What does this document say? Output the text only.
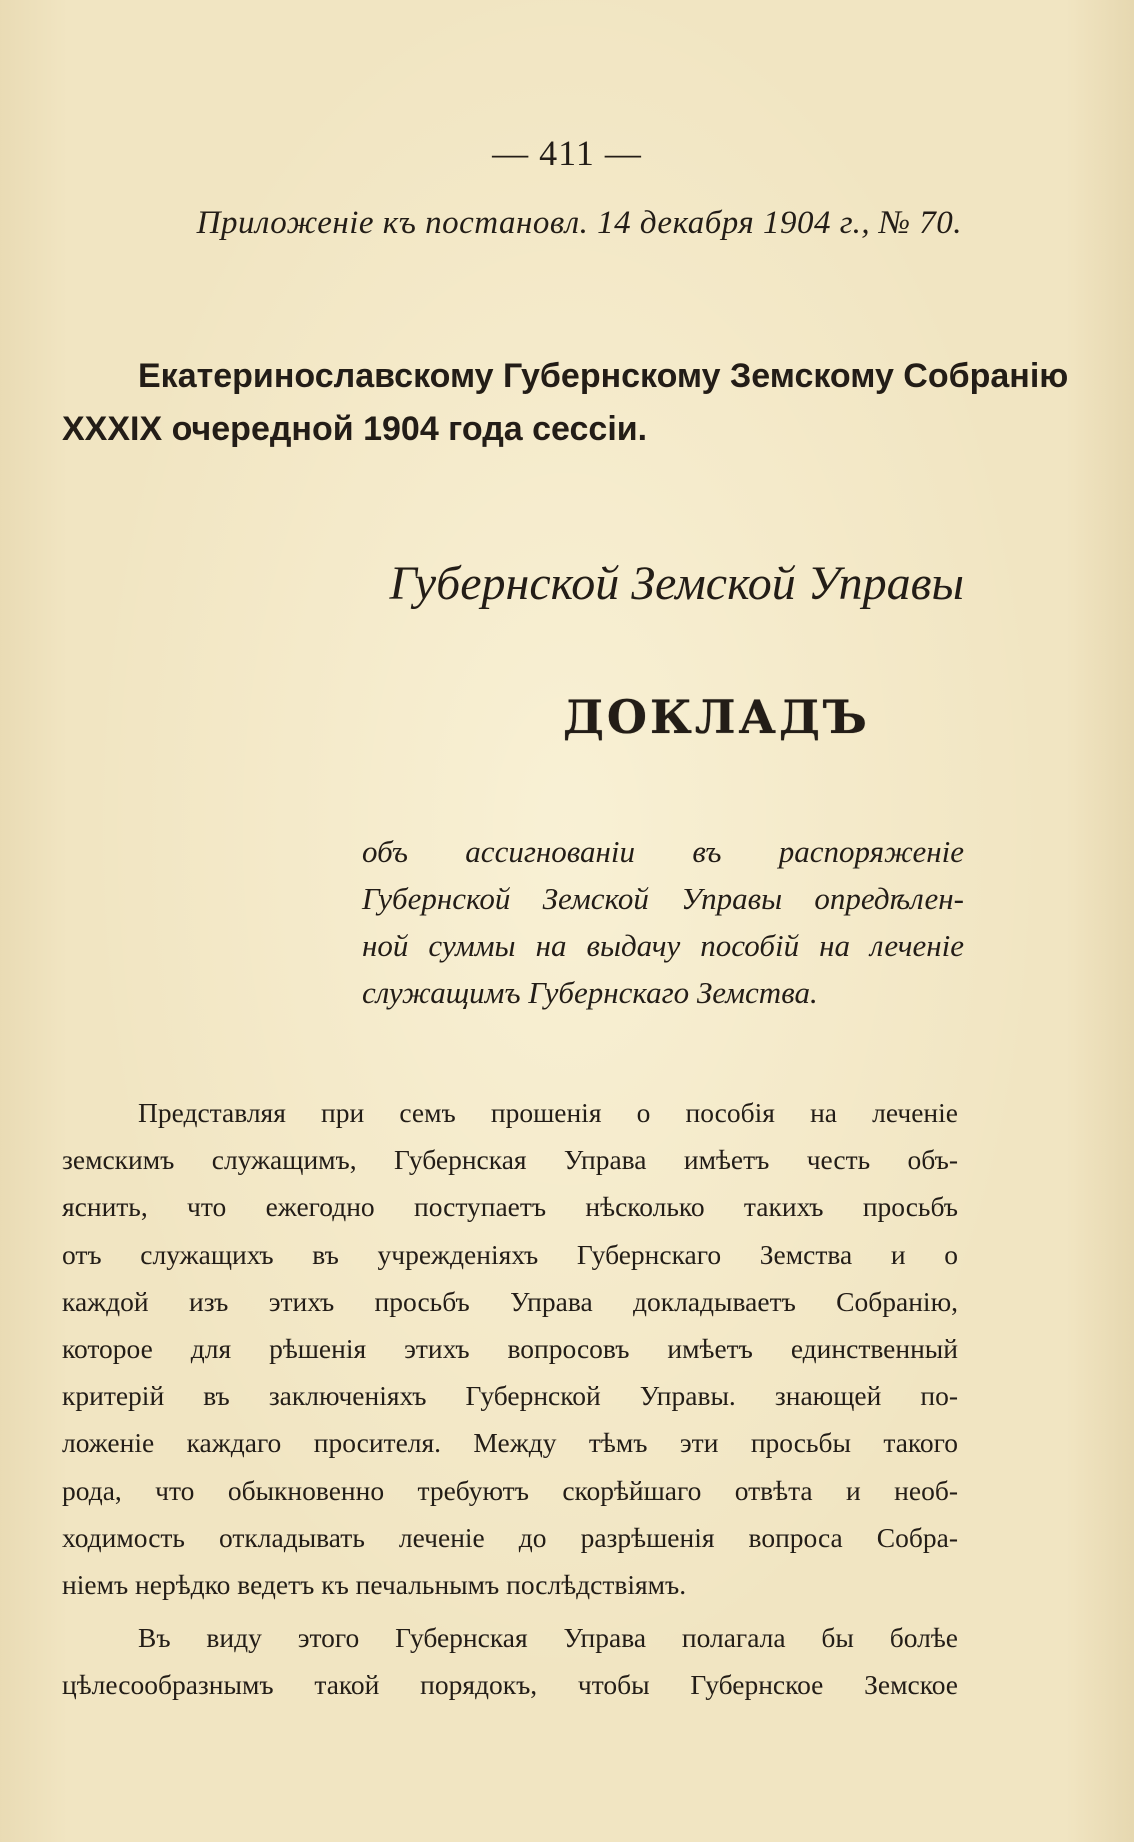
— 411 —
Приложеніе къ постановл. 14 декабря 1904 г., № 70.
Екатеринославскому Губернскому Земскому Собранію
XXXIX очередной 1904 года сессіи.
Губернской Земской Управы
ДОКЛАДЪ
объ ассигнованіи въ распоряженіе
Губернской Земской Управы опредѣлен-
ной суммы на выдачу пособій на леченіе
служащимъ Губернскаго Земства.
Представляя при семъ прошенія о пособія на леченіе
земскимъ служащимъ, Губернская Управа имѣетъ честь объ-
яснить, что ежегодно поступаетъ нѣсколько такихъ просьбъ
отъ служащихъ въ учрежденіяхъ Губернскаго Земства и о
каждой изъ этихъ просьбъ Управа докладываетъ Собранію,
которое для рѣшенія этихъ вопросовъ имѣетъ единственный
критерій въ заключеніяхъ Губернской Управы. знающей по-
ложеніе каждаго просителя. Между тѣмъ эти просьбы такого
рода, что обыкновенно требуютъ скорѣйшаго отвѣта и необ-
ходимость откладывать леченіе до разрѣшенія вопроса Собра-
ніемъ нерѣдко ведетъ къ печальнымъ послѣдствіямъ.
Въ виду этого Губернская Управа полагала бы болѣе
цѣлесообразнымъ такой порядокъ, чтобы Губернское Земское
